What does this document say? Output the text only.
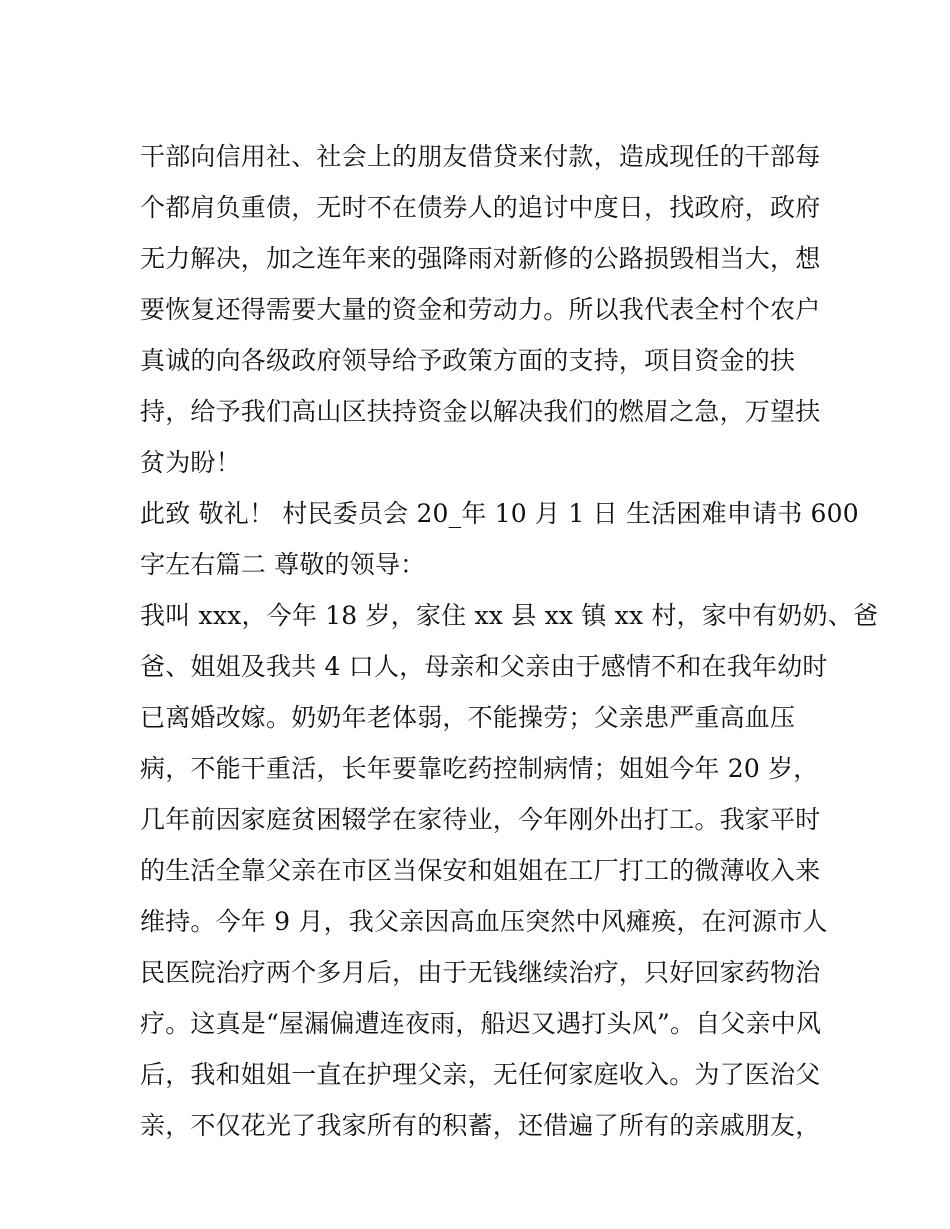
干部向信用社、社会上的朋友借贷来付款，造成现任的干部每
个都肩负重债，无时不在债券人的追讨中度日，找政府，政府
无力解决，加之连年来的强降雨对新修的公路损毁相当大，想
要恢复还得需要大量的资金和劳动力。所以我代表全村个农户
真诚的向各级政府领导给予政策方面的支持，项目资金的扶
持，给予我们高山区扶持资金以解决我们的燃眉之急，万望扶
贫为盼！
此致 敬礼！ 村民委员会 20_年 10 月 1 日 生活困难申请书 600
字左右篇二 尊敬的领导：
我叫 xxx，今年 18 岁，家住 xx 县 xx 镇 xx 村，家中有奶奶、爸
爸、姐姐及我共 4 口人，母亲和父亲由于感情不和在我年幼时
已离婚改嫁。奶奶年老体弱，不能操劳；父亲患严重高血压
病，不能干重活，长年要靠吃药控制病情；姐姐今年 20 岁，
几年前因家庭贫困辍学在家待业，今年刚外出打工。我家平时
的生活全靠父亲在市区当保安和姐姐在工厂打工的微薄收入来
维持。今年 9 月，我父亲因高血压突然中风瘫痪，在河源市人
民医院治疗两个多月后，由于无钱继续治疗，只好回家药物治
疗。这真是“屋漏偏遭连夜雨，船迟又遇打头风”。自父亲中风
后，我和姐姐一直在护理父亲，无任何家庭收入。为了医治父
亲，不仅花光了我家所有的积蓄，还借遍了所有的亲戚朋友，
